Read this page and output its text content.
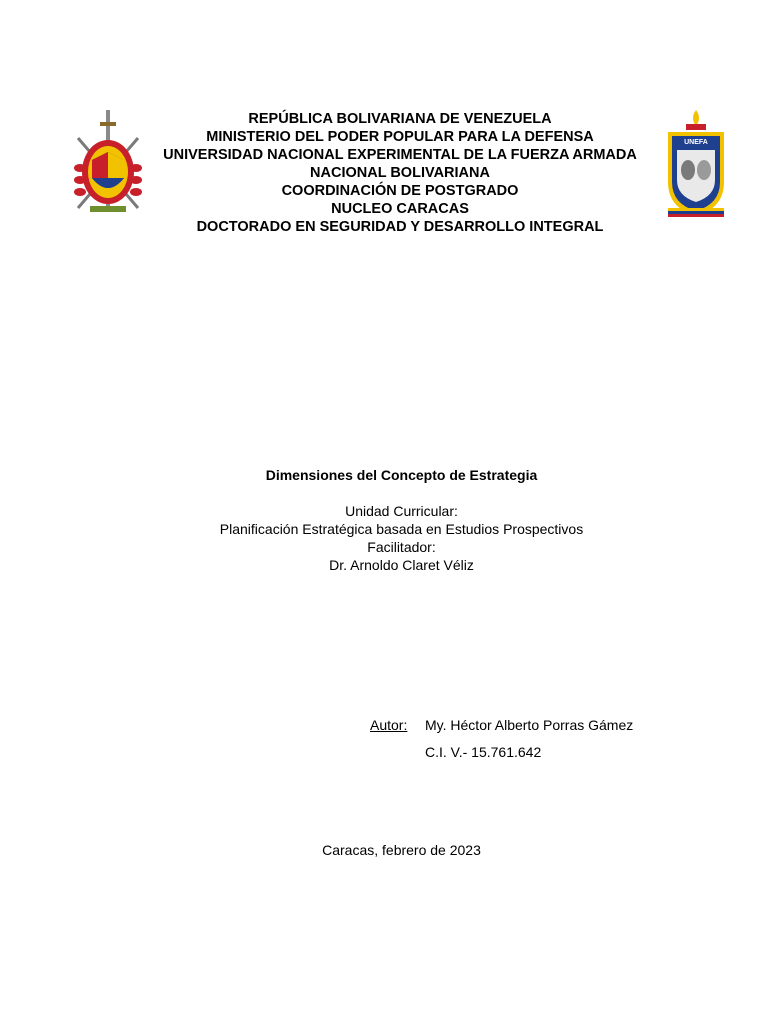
UNEFA
REPÚBLICA BOLIVARIANA DE VENEZUELA
MINISTERIO DEL PODER POPULAR PARA LA DEFENSA
UNIVERSIDAD NACIONAL EXPERIMENTAL DE LA FUERZA ARMADA
NACIONAL BOLIVARIANA
COORDINACIÓN DE POSTGRADO
NUCLEO CARACAS
DOCTORADO EN SEGURIDAD Y DESARROLLO INTEGRAL
Dimensiones del Concepto de Estrategia
Unidad Curricular:
Planificación Estratégica basada en Estudios Prospectivos
Facilitador:
Dr. Arnoldo Claret Véliz
Autor:	My. Héctor Alberto Porras Gámez
C.I. V.- 15.761.642
Caracas, febrero de 2023
